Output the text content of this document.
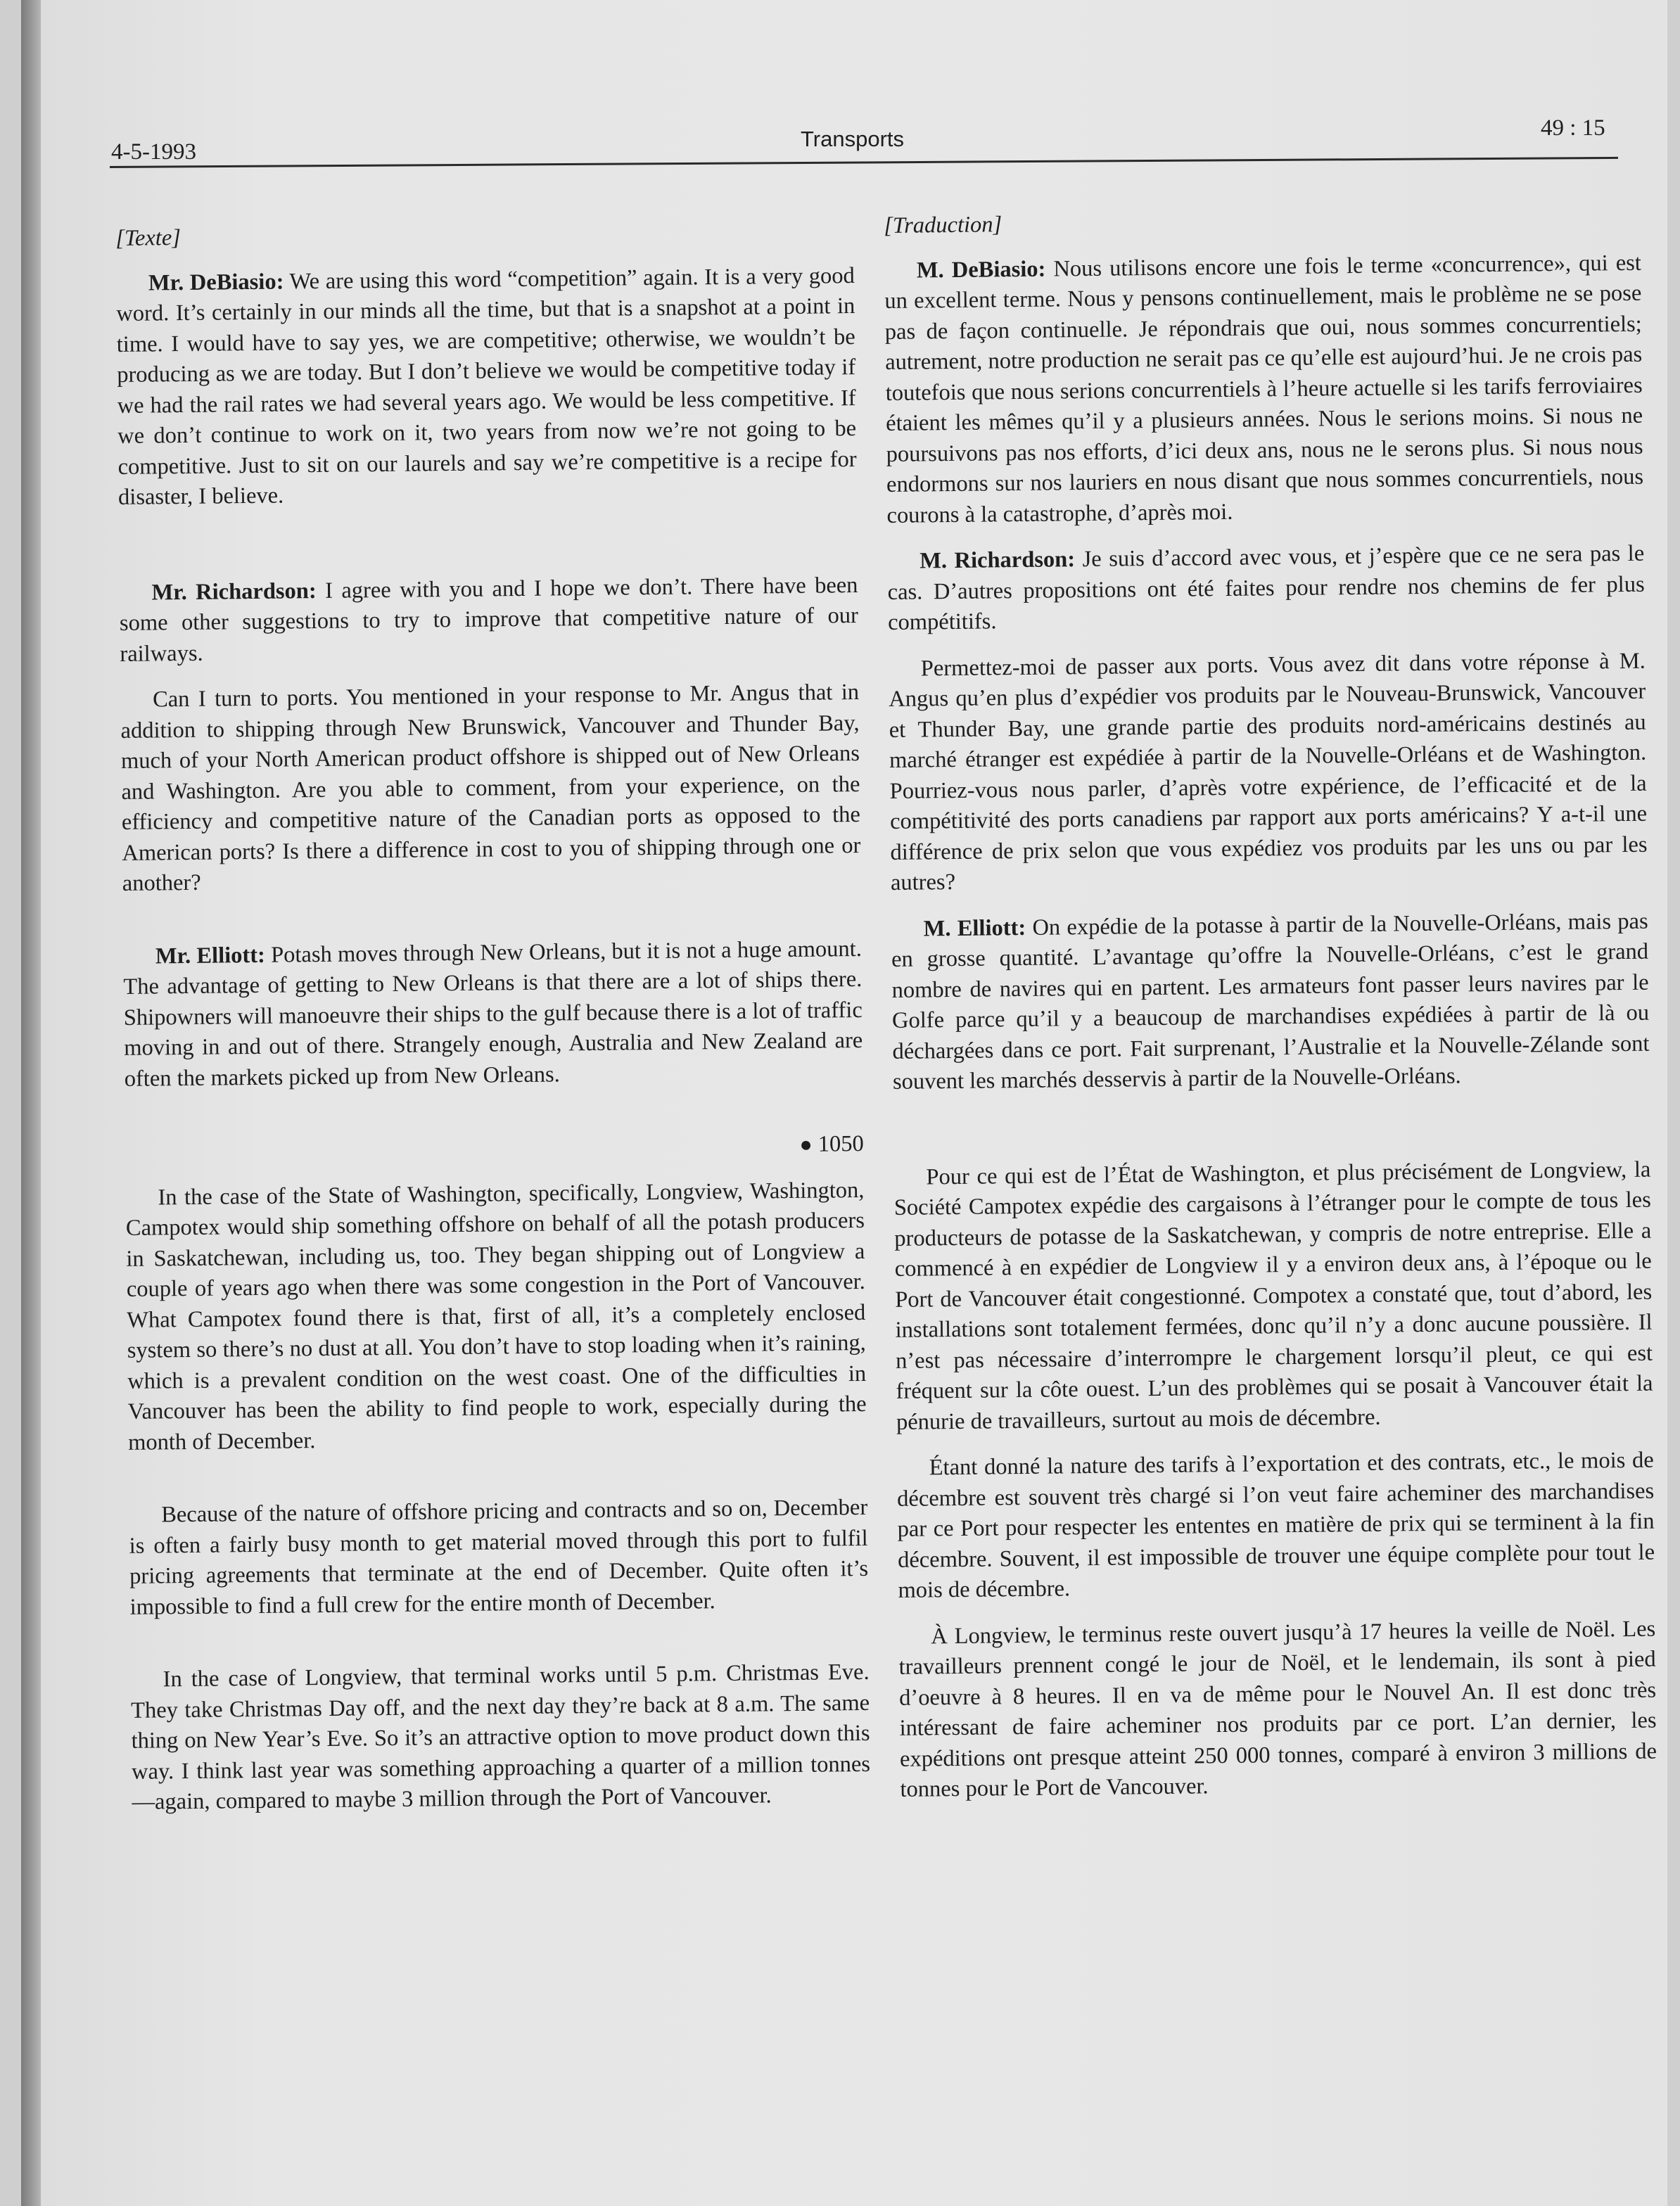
4-5-1993
Transports	49 : 15
[Texte]

Mr. DeBiasio: We are using this word “competition” again. It is a very good word. It’s certainly in our minds all the time, but that is a snapshot at a point in time. I would have to say yes, we are competitive; otherwise, we wouldn’t be producing as we are today. But I don’t believe we would be competitive today if we had the rail rates we had several years ago. We would be less competitive. If we don’t continue to work on it, two years from now we’re not going to be competitive. Just to sit on our laurels and say we’re competitive is a recipe for disaster, I believe.

Mr. Richardson: I agree with you and I hope we don’t. There have been some other suggestions to try to improve that competitive nature of our railways.

Can I turn to ports. You mentioned in your response to Mr. Angus that in addition to shipping through New Brunswick, Vancouver and Thunder Bay, much of your North American product offshore is shipped out of New Orleans and Washington. Are you able to comment, from your experience, on the efficiency and competitive nature of the Canadian ports as opposed to the American ports? Is there a difference in cost to you of shipping through one or another?

Mr. Elliott: Potash moves through New Orleans, but it is not a huge amount. The advantage of getting to New Orleans is that there are a lot of ships there. Shipowners will manoeuvre their ships to the gulf because there is a lot of traffic moving in and out of there. Strangely enough, Australia and New Zealand are often the markets picked up from New Orleans.

● 1050

In the case of the State of Washington, specifically, Longview, Washington, Campotex would ship something offshore on behalf of all the potash producers in Saskatchewan, including us, too. They began shipping out of Longview a couple of years ago when there was some congestion in the Port of Vancouver. What Campotex found there is that, first of all, it’s a completely enclosed system so there’s no dust at all. You don’t have to stop loading when it’s raining, which is a prevalent condition on the west coast. One of the difficulties in Vancouver has been the ability to find people to work, especially during the month of December.

Because of the nature of offshore pricing and contracts and so on, December is often a fairly busy month to get material moved through this port to fulfil pricing agreements that terminate at the end of December. Quite often it’s impossible to find a full crew for the entire month of December.

In the case of Longview, that terminal works until 5 p.m. Christmas Eve. They take Christmas Day off, and the next day they’re back at 8 a.m. The same thing on New Year’s Eve. So it’s an attractive option to move product down this way. I think last year was something approaching a quarter of a million tonnes—again, compared to maybe 3 million through the Port of Vancouver.

[Traduction]

M. DeBiasio: Nous utilisons encore une fois le terme «concurrence», qui est un excellent terme. Nous y pensons continuellement, mais le problème ne se pose pas de façon continuelle. Je répondrais que oui, nous sommes concurrentiels; autrement, notre production ne serait pas ce qu’elle est aujourd’hui. Je ne crois pas toutefois que nous serions concurrentiels à l’heure actuelle si les tarifs ferroviaires étaient les mêmes qu’il y a plusieurs années. Nous le serions moins. Si nous ne poursuivons pas nos efforts, d’ici deux ans, nous ne le serons plus. Si nous nous endormons sur nos lauriers en nous disant que nous sommes concurrentiels, nous courons à la catastrophe, d’après moi.

M. Richardson: Je suis d’accord avec vous, et j’espère que ce ne sera pas le cas. D’autres propositions ont été faites pour rendre nos chemins de fer plus compétitifs.

Permettez-moi de passer aux ports. Vous avez dit dans votre réponse à M. Angus qu’en plus d’expédier vos produits par le Nouveau-Brunswick, Vancouver et Thunder Bay, une grande partie des produits nord-américains destinés au marché étranger est expédiée à partir de la Nouvelle-Orléans et de Washington. Pourriez-vous nous parler, d’après votre expérience, de l’efficacité et de la compétitivité des ports canadiens par rapport aux ports américains? Y a-t-il une différence de prix selon que vous expédiez vos produits par les uns ou par les autres?

M. Elliott: On expédie de la potasse à partir de la Nouvelle-Orléans, mais pas en grosse quantité. L’avantage qu’offre la Nouvelle-Orléans, c’est le grand nombre de navires qui en partent. Les armateurs font passer leurs navires par le Golfe parce qu’il y a beaucoup de marchandises expédiées à partir de là ou déchargées dans ce port. Fait surprenant, l’Australie et la Nouvelle-Zélande sont souvent les marchés desservis à partir de la Nouvelle-Orléans.

Pour ce qui est de l’État de Washington, et plus précisément de Longview, la Société Campotex expédie des cargaisons à l’étranger pour le compte de tous les producteurs de potasse de la Saskatchewan, y compris de notre entreprise. Elle a commencé à en expédier de Longview il y a environ deux ans, à l’époque ou le Port de Vancouver était congestionné. Compotex a constaté que, tout d’abord, les installations sont totalement fermées, donc qu’il n’y a donc aucune poussière. Il n’est pas nécessaire d’interrompre le chargement lorsqu’il pleut, ce qui est fréquent sur la côte ouest. L’un des problèmes qui se posait à Vancouver était la pénurie de travailleurs, surtout au mois de décembre.

Étant donné la nature des tarifs à l’exportation et des contrats, etc., le mois de décembre est souvent très chargé si l’on veut faire acheminer des marchandises par ce Port pour respecter les ententes en matière de prix qui se terminent à la fin décembre. Souvent, il est impossible de trouver une équipe complète pour tout le mois de décembre.

À Longview, le terminus reste ouvert jusqu’à 17 heures la veille de Noël. Les travailleurs prennent congé le jour de Noël, et le lendemain, ils sont à pied d’oeuvre à 8 heures. Il en va de même pour le Nouvel An. Il est donc très intéressant de faire acheminer nos produits par ce port. L’an dernier, les expéditions ont presque atteint 250 000 tonnes, comparé à environ 3 millions de tonnes pour le Port de Vancouver.
